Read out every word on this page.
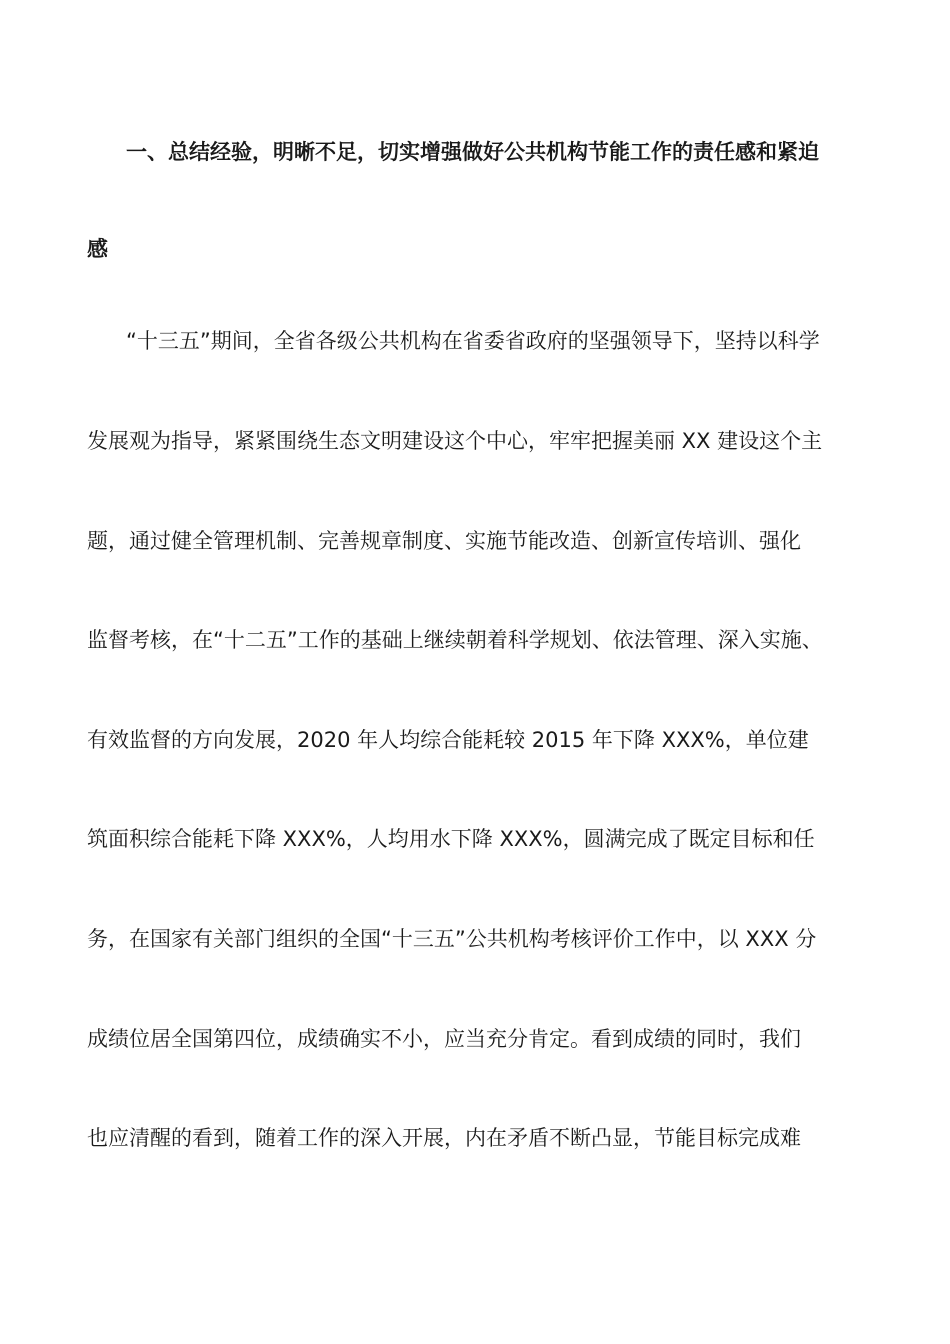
一、总结经验，明晰不足，切实增强做好公共机构节能工作的责任感和紧迫
感
“十三五”期间，全省各级公共机构在省委省政府的坚强领导下，坚持以科学
发展观为指导，紧紧围绕生态文明建设这个中心，牢牢把握美丽 XX 建设这个主
题，通过健全管理机制、完善规章制度、实施节能改造、创新宣传培训、强化
监督考核，在“十二五”工作的基础上继续朝着科学规划、依法管理、深入实施、
有效监督的方向发展，2020 年人均综合能耗较 2015 年下降 XXX%，单位建
筑面积综合能耗下降 XXX%，人均用水下降 XXX%，圆满完成了既定目标和任
务，在国家有关部门组织的全国“十三五”公共机构考核评价工作中，以 XXX 分
成绩位居全国第四位，成绩确实不小，应当充分肯定。看到成绩的同时，我们
也应清醒的看到，随着工作的深入开展，内在矛盾不断凸显，节能目标完成难
